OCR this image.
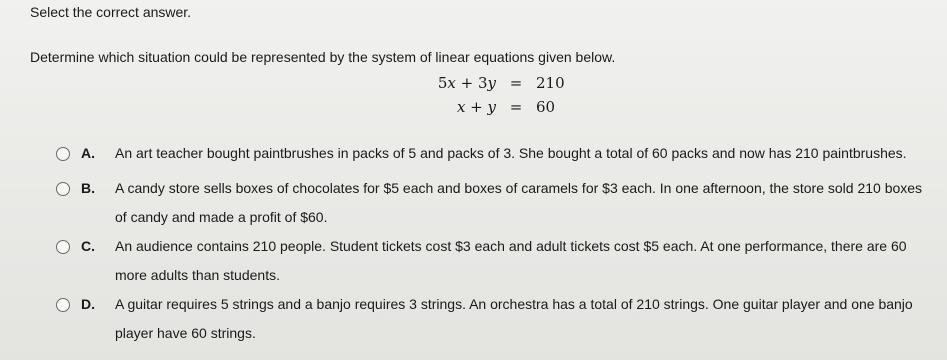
Select the correct answer.
Determine which situation could be represented by the system of linear equations given below.
5x + 3y = 210
x + y = 60
A.	An art teacher bought paintbrushes in packs of 5 and packs of 3. She bought a total of 60 packs and now has 210 paintbrushes.
B.	A candy store sells boxes of chocolates for $5 each and boxes of caramels for $3 each. In one afternoon, the store sold 210 boxes of candy and made a profit of $60.
C.	An audience contains 210 people. Student tickets cost $3 each and adult tickets cost $5 each. At one performance, there are 60 more adults than students.
D.	A guitar requires 5 strings and a banjo requires 3 strings. An orchestra has a total of 210 strings. One guitar player and one banjo player have 60 strings.
